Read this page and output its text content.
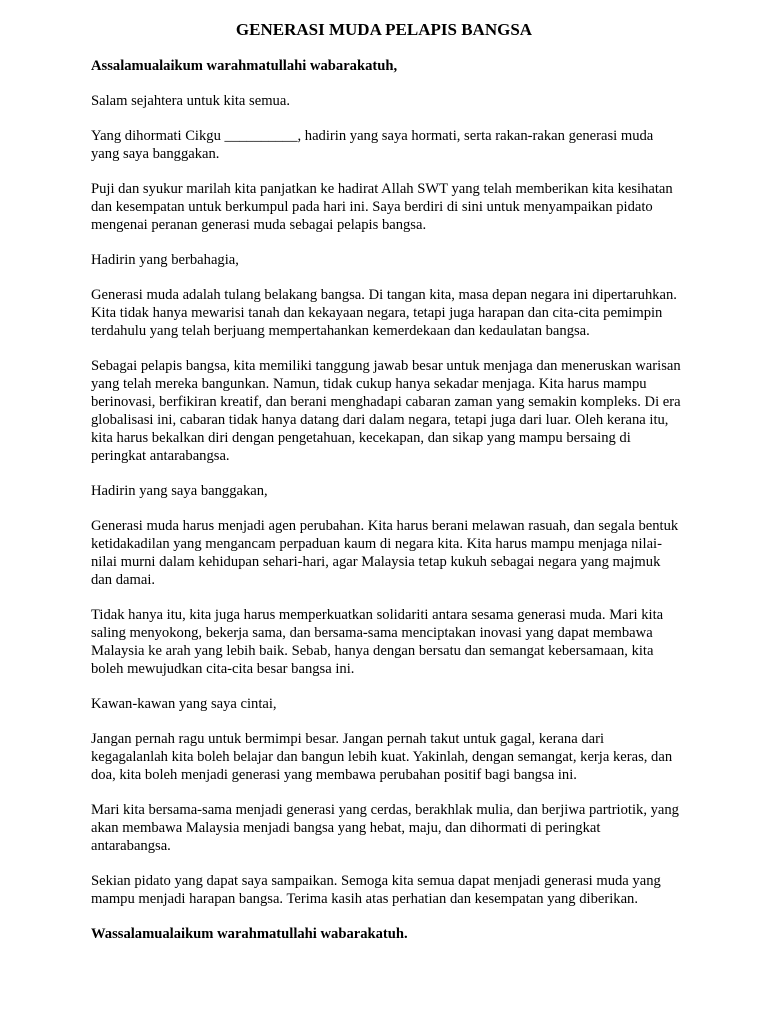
GENERASI MUDA PELAPIS BANGSA

Assalamualaikum warahmatullahi wabarakatuh,

Salam sejahtera untuk kita semua.

Yang dihormati Cikgu __________, hadirin yang saya hormati, serta rakan-rakan generasi muda yang saya banggakan.

Puji dan syukur marilah kita panjatkan ke hadirat Allah SWT yang telah memberikan kita kesihatan dan kesempatan untuk berkumpul pada hari ini. Saya berdiri di sini untuk menyampaikan pidato mengenai peranan generasi muda sebagai pelapis bangsa.

Hadirin yang berbahagia,

Generasi muda adalah tulang belakang bangsa. Di tangan kita, masa depan negara ini dipertaruhkan. Kita tidak hanya mewarisi tanah dan kekayaan negara, tetapi juga harapan dan cita-cita pemimpin terdahulu yang telah berjuang mempertahankan kemerdekaan dan kedaulatan bangsa.

Sebagai pelapis bangsa, kita memiliki tanggung jawab besar untuk menjaga dan meneruskan warisan yang telah mereka bangunkan. Namun, tidak cukup hanya sekadar menjaga. Kita harus mampu berinovasi, berfikiran kreatif, dan berani menghadapi cabaran zaman yang semakin kompleks. Di era globalisasi ini, cabaran tidak hanya datang dari dalam negara, tetapi juga dari luar. Oleh kerana itu, kita harus bekalkan diri dengan pengetahuan, kecekapan, dan sikap yang mampu bersaing di peringkat antarabangsa.

Hadirin yang saya banggakan,

Generasi muda harus menjadi agen perubahan. Kita harus berani melawan rasuah, dan segala bentuk ketidakadilan yang mengancam perpaduan kaum di negara kita. Kita harus mampu menjaga nilai-nilai murni dalam kehidupan sehari-hari, agar Malaysia tetap kukuh sebagai negara yang majmuk dan damai.

Tidak hanya itu, kita juga harus memperkuatkan solidariti antara sesama generasi muda. Mari kita saling menyokong, bekerja sama, dan bersama-sama menciptakan inovasi yang dapat membawa Malaysia ke arah yang lebih baik. Sebab, hanya dengan bersatu dan semangat kebersamaan, kita boleh mewujudkan cita-cita besar bangsa ini.

Kawan-kawan yang saya cintai,

Jangan pernah ragu untuk bermimpi besar. Jangan pernah takut untuk gagal, kerana dari kegagalanlah kita boleh belajar dan bangun lebih kuat. Yakinlah, dengan semangat, kerja keras, dan doa, kita boleh menjadi generasi yang membawa perubahan positif bagi bangsa ini.

Mari kita bersama-sama menjadi generasi yang cerdas, berakhlak mulia, dan berjiwa partriotik, yang akan membawa Malaysia menjadi bangsa yang hebat, maju, dan dihormati di peringkat antarabangsa.

Sekian pidato yang dapat saya sampaikan. Semoga kita semua dapat menjadi generasi muda yang mampu menjadi harapan bangsa. Terima kasih atas perhatian dan kesempatan yang diberikan.

Wassalamualaikum warahmatullahi wabarakatuh.
